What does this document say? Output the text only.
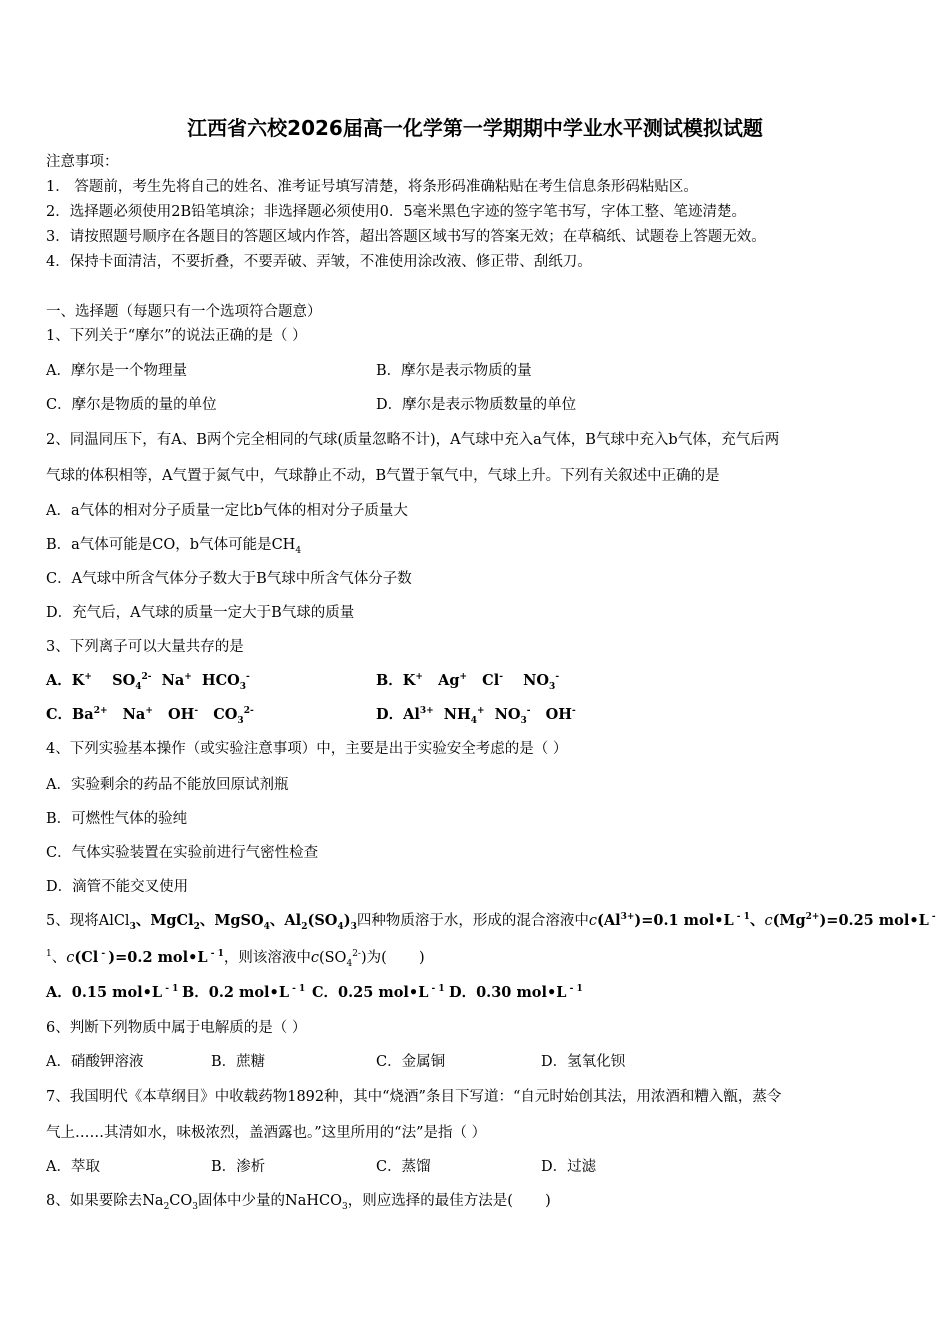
江西省六校2026届高一化学第一学期期中学业水平测试模拟试题
注意事项：
1． 答题前，考生先将自己的姓名、准考证号填写清楚，将条形码准确粘贴在考生信息条形码粘贴区。
2．选择题必须使用2B铅笔填涂；非选择题必须使用0．5毫米黑色字迹的签字笔书写，字体工整、笔迹清楚。
3．请按照题号顺序在各题目的答题区域内作答，超出答题区域书写的答案无效；在草稿纸、试题卷上答题无效。
4．保持卡面清洁，不要折叠，不要弄破、弄皱，不准使用涂改液、修正带、刮纸刀。
一、选择题（每题只有一个选项符合题意）
1、下列关于“摩尔”的说法正确的是（ ）
A．摩尔是一个物理量	B．摩尔是表示物质的量
C．摩尔是物质的量的单位	D．摩尔是表示物质数量的单位
2、同温同压下，有A、B两个完全相同的气球(质量忽略不计)，A气球中充入a气体，B气球中充入b气体，充气后两
气球的体积相等，A气置于氮气中，气球静止不动，B气置于氧气中，气球上升。下列有关叙述中正确的是
A．a气体的相对分子质量一定比b气体的相对分子质量大
B．a气体可能是CO，b气体可能是$CH_4$
C．A气球中所含气体分子数大于B气球中所含气体分子数
D．充气后，A气球的质量一定大于B气球的质量
3、下列离子可以大量共存的是
A．K+    $SO_4^{2-}$  Na+  $HCO_3^-$	B．K+   Ag+   Cl-    $NO_3^-$
C．$Ba^{2+}$   Na+   OH-   $CO_3^{2-}$	D．$Al^{3+}$  $NH_4^+$  $NO_3^-$   OH-
4、下列实验基本操作（或实验注意事项）中，主要是出于实验安全考虑的是（ ）
A．实验剩余的药品不能放回原试剂瓶
B．可燃性气体的验纯
C．气体实验装置在实验前进行气密性检查
D．滴管不能交叉使用
5、现将AlCl$_3$、MgCl$_2$、MgSO$_4$、$Al_2(SO_4)_3$四种物质溶于水，形成的混合溶液中$c(Al^{3+})=0.1$ mol•L $^{- 1}$、$c(Mg^{2+})=0.25$ mol•L -
$^1$、c(Cl - )=0.2 mol•L $^{- 1}$，则该溶液中$c(SO_4^{2-})$为(       )
A．0.15 mol•L $^{- 1}$ B．0.2 mol•L $^{- 1}$ C．0.25 mol•L $^{- 1}$ D．0.30 mol•L $^{- 1}$
6、判断下列物质中属于电解质的是（ ）
A．硝酸钾溶液	B．蔗糖	C．金属铜	D．氢氧化钡
7、我国明代《本草纲目》中收载药物1892种，其中“烧酒”条目下写道：“自元时始创其法，用浓酒和糟入甑，蒸令
气上……其清如水，味极浓烈，盖酒露也。”这里所用的“法”是指（ ）
A．萃取	B．渗析	C．蒸馏	D．过滤
8、如果要除去$Na_2CO_3$固体中少量的NaHCO$_3$，则应选择的最佳方法是(       )
